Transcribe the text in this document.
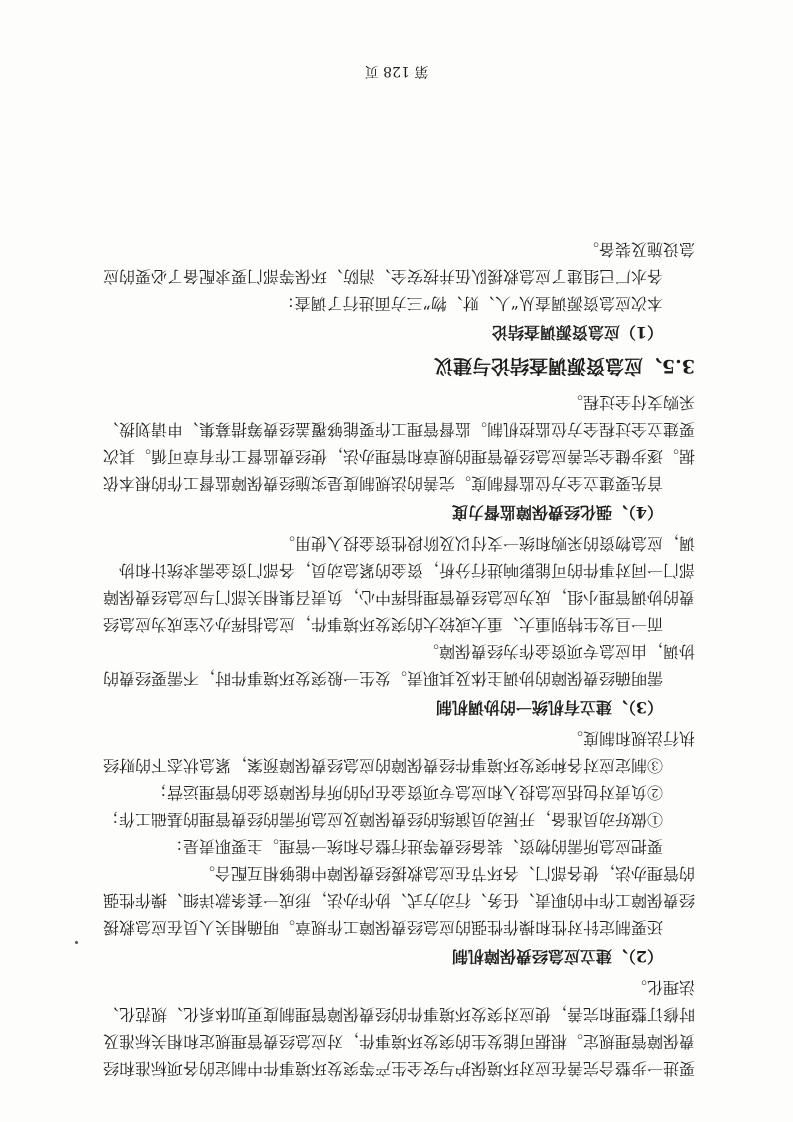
要进一步整合完善在应对环境保护与安全生产等突发环境事件中制定的各项标准和经费保障管理规定。根据可能发生的突发环境事件，对应急经费管理规定和相关标准及时修订整理和完善，使应对突发环境事件的经费保障管理制度更加体系化、规范化、法理化。

（2）、建立应急经费保障机制

还要制定针对性和操作性强的应急经费保障工作规章。明确相关人员在应急救援经费保障工作中的职责、任务、行动方式、协作办法，形成一套条款详细、操作性强的管理办法，使各部门、各环节在应急救援经费保障中能够相互配合。

要把应急所需的物资、装备经费等进行整合和统一管理。主要职责是：

①做好动员准备，开展动员演练的经费保障及应急所需的经费管理的基础工作；

②负责对包括应急投入和应急专项资金在内的所有保障资金的管理运营；

③制定应对各种突发环境事件经费保障的应急经费保障预案，紧急状态下的财经执行法规和制度。

（3）、建立有机统一的协调机制

需明确经费保障的协调主体及其职责。发生一般突发环境事件时，不需要经费的协调，由应急专项资金作为经费保障。

而一旦发生特别重大、重大或较大的突发环境事件，应急指挥办公室成为应急经费的协调管理小组，成为应急经费管理指挥中心，负责召集相关部门与应急经费保障部门一同对事件的可能影响进行分析，资金的紧急动员，各部门资金需求统计和协调，应急物资的采购和统一支付以及阶段性资金投入使用。

（4）、强化经费保障监督力度

首先要建立全方位监督制度。完善的法规制度是实施经费保障监督工作的根本依据。逐步健全完善应急经费管理的规章和管理办法，使经费监督工作有章可循。其次要建立全过程全方位监控机制。监督管理工作要能够覆盖经费筹措募集、申请划拨、采购支付全过程。

3.5、应急资源调查结论与建议

（1）应急资源调查结论

本次应急资源调查从“人、财、物”三方面进行了调查：

各水厂已组建了应急救援队伍并按安全、消防、环保等部门要求配备了必要的应急设施及装备。

第 128 页
